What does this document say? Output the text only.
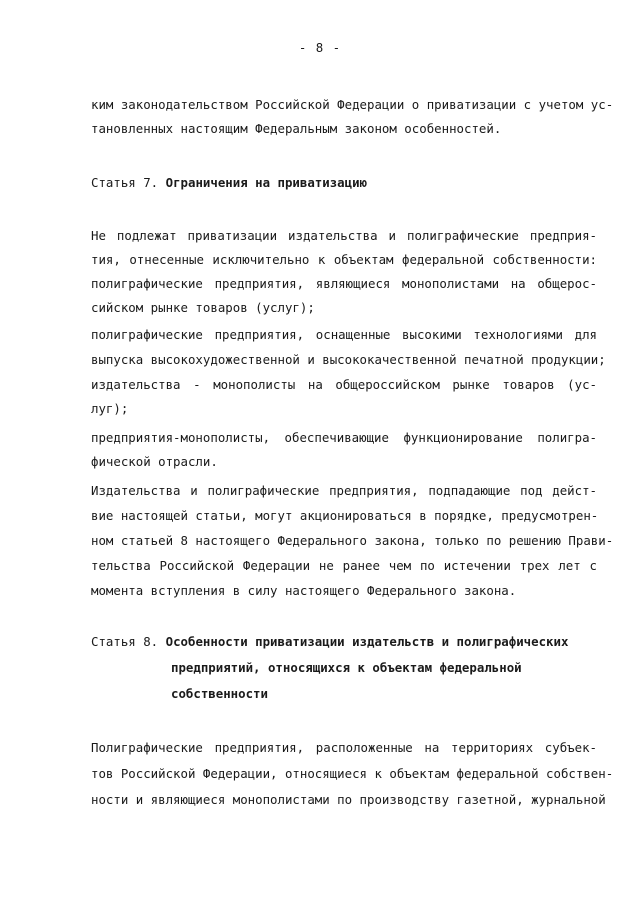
- 8 -
ким законодательством Российской Федерации о приватизации с учетом ус-
тановленных настоящим Федеральным законом особенностей.
Статья 7. Ограничения на приватизацию
Не подлежат приватизации издательства и полиграфические предприя-
тия, отнесенные исключительно к объектам федеральной собственности:
полиграфические предприятия, являющиеся монополистами на общерос-
сийском рынке товаров (услуг);
полиграфические предприятия, оснащенные высокими технологиями для
выпуска высокохудожественной и высококачественной печатной продукции;
издательства - монополисты на общероссийском рынке товаров (ус-
луг);
предприятия-монополисты, обеспечивающие функционирование полигра-
фической отрасли.
Издательства и полиграфические предприятия, подпадающие под дейст-
вие настоящей статьи, могут акционироваться в порядке, предусмотрен-
ном статьей 8 настоящего Федерального закона, только по решению Прави-
тельства Российской Федерации не ранее чем по истечении трех лет с
момента вступления в силу настоящего Федерального закона.
Статья 8. Особенности приватизации издательств и полиграфических
предприятий, относящихся к объектам федеральной
собственности
Полиграфические предприятия, расположенные на территориях субъек-
тов Российской Федерации, относящиеся к объектам федеральной собствен-
ности и являющиеся монополистами по производству газетной, журнальной
